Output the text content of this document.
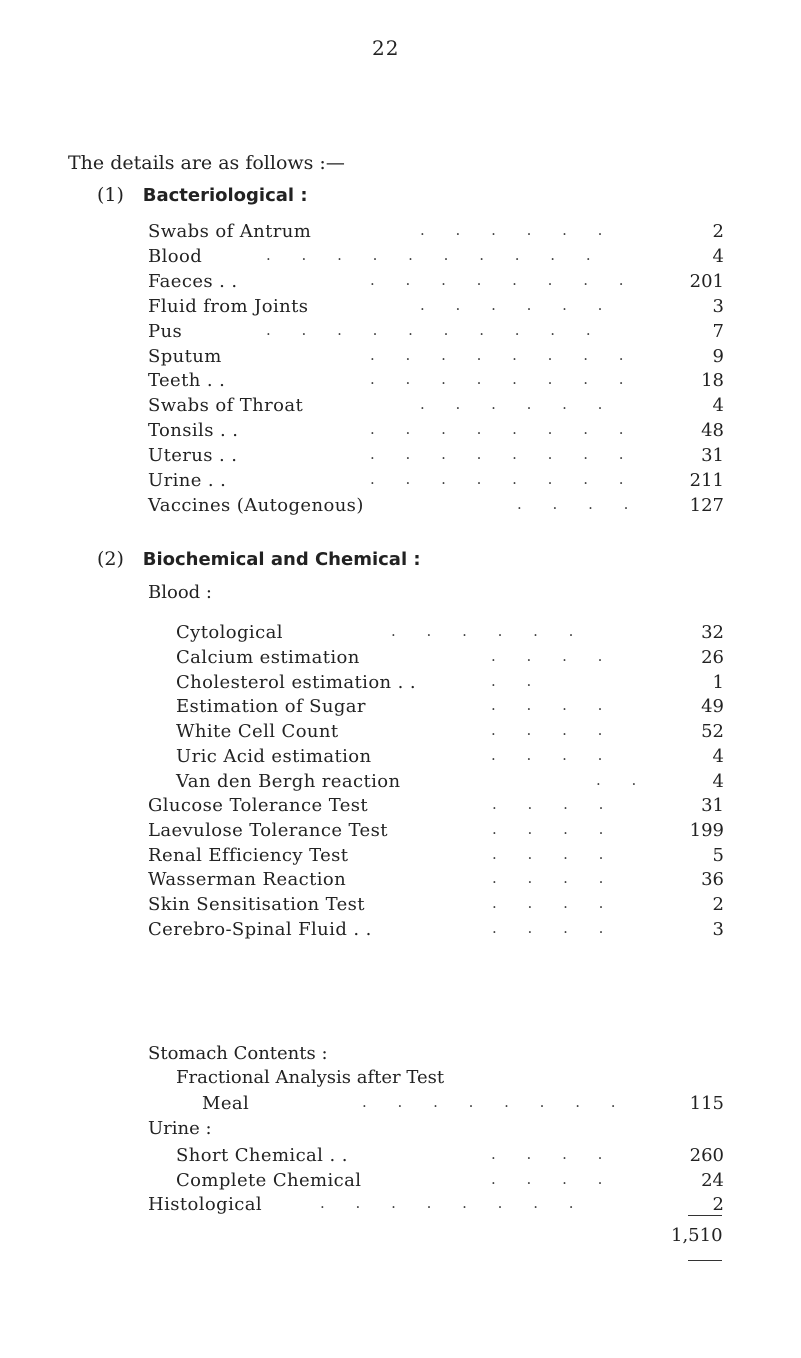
22
The details are as follows :—
(1) Bacteriological :
Swabs of Antrum	. . . . . .	2
Blood	. . . . . . . . . .	4
Faeces . .	. . . . . . . .	201
Fluid from Joints	. . . . . .	3
Pus	. . . . . . . . . .	7
Sputum	. . . . . . . .	9
Teeth . .	. . . . . . . .	18
Swabs of Throat	. . . . . .	4
Tonsils . .	. . . . . . . .	48
Uterus . .	. . . . . . . .	31
Urine . .	. . . . . . . .	211
Vaccines (Autogenous)	. . . .	127
(2) Biochemical and Chemical :
Blood :
Cytological	. . . . . .	32
Calcium estimation	. . . .	26
Cholesterol estimation . .	. .	1
Estimation of Sugar	. . . .	49
White Cell Count	. . . .	52
Uric Acid estimation	. . . .	4
Van den Bergh reaction	. .	4
Glucose Tolerance Test	. . . .	31
Laevulose Tolerance Test	. . . .	199
Renal Efficiency Test	. . . .	5
Wasserman Reaction	. . . .	36
Skin Sensitisation Test	. . . .	2
Cerebro-Spinal Fluid . .	. . . .	3
Stomach Contents :
Fractional Analysis after Test
Meal	. . . . . . . .	115
Urine :
Short Chemical . .	. . . .	260
Complete Chemical	. . . .	24
Histological	. . . . . . . .	2
1,510
